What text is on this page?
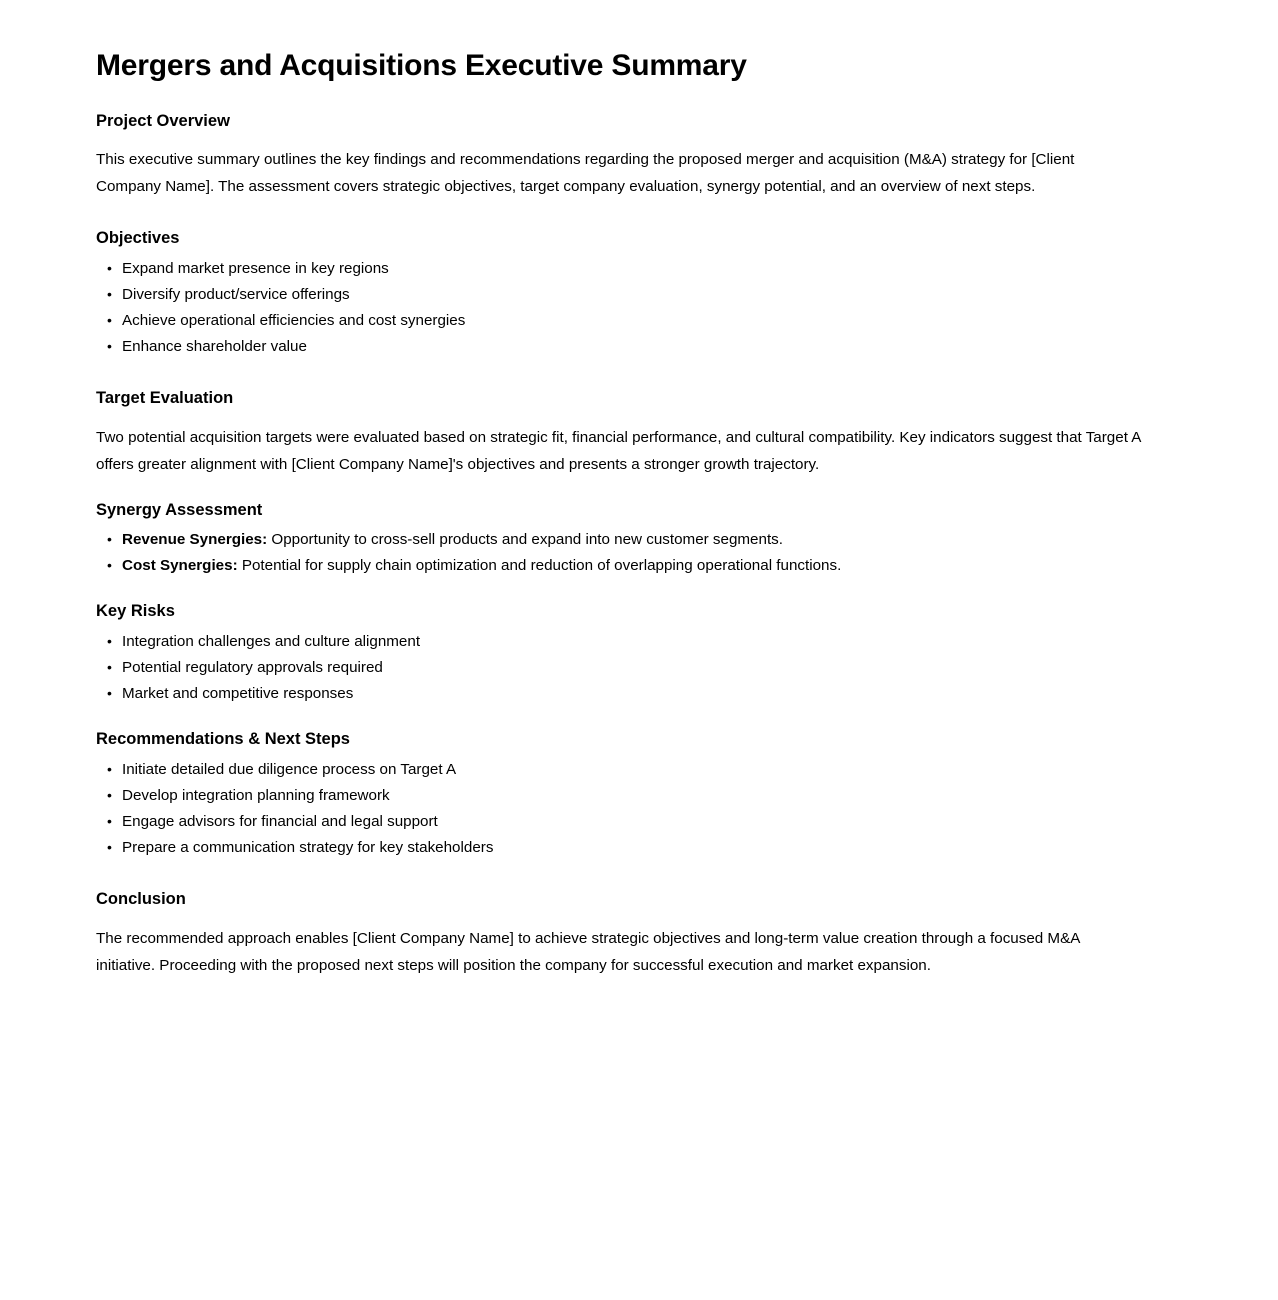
Mergers and Acquisitions Executive Summary
Project Overview

This executive summary outlines the key findings and recommendations regarding the proposed merger and acquisition (M&A) strategy for [Client Company Name]. The assessment covers strategic objectives, target company evaluation, synergy potential, and an overview of next steps.

Objectives
• Expand market presence in key regions
• Diversify product/service offerings
• Achieve operational efficiencies and cost synergies
• Enhance shareholder value
Target Evaluation

Two potential acquisition targets were evaluated based on strategic fit, financial performance, and cultural compatibility. Key indicators suggest that Target A offers greater alignment with [Client Company Name]'s objectives and presents a stronger growth trajectory.

Synergy Assessment
• Revenue Synergies: Opportunity to cross-sell products and expand into new customer segments.
• Cost Synergies: Potential for supply chain optimization and reduction of overlapping operational functions.
Key Risks
• Integration challenges and culture alignment
• Potential regulatory approvals required
• Market and competitive responses
Recommendations & Next Steps
• Initiate detailed due diligence process on Target A
• Develop integration planning framework
• Engage advisors for financial and legal support
• Prepare a communication strategy for key stakeholders
Conclusion

The recommended approach enables [Client Company Name] to achieve strategic objectives and long-term value creation through a focused M&A initiative. Proceeding with the proposed next steps will position the company for successful execution and market expansion.
